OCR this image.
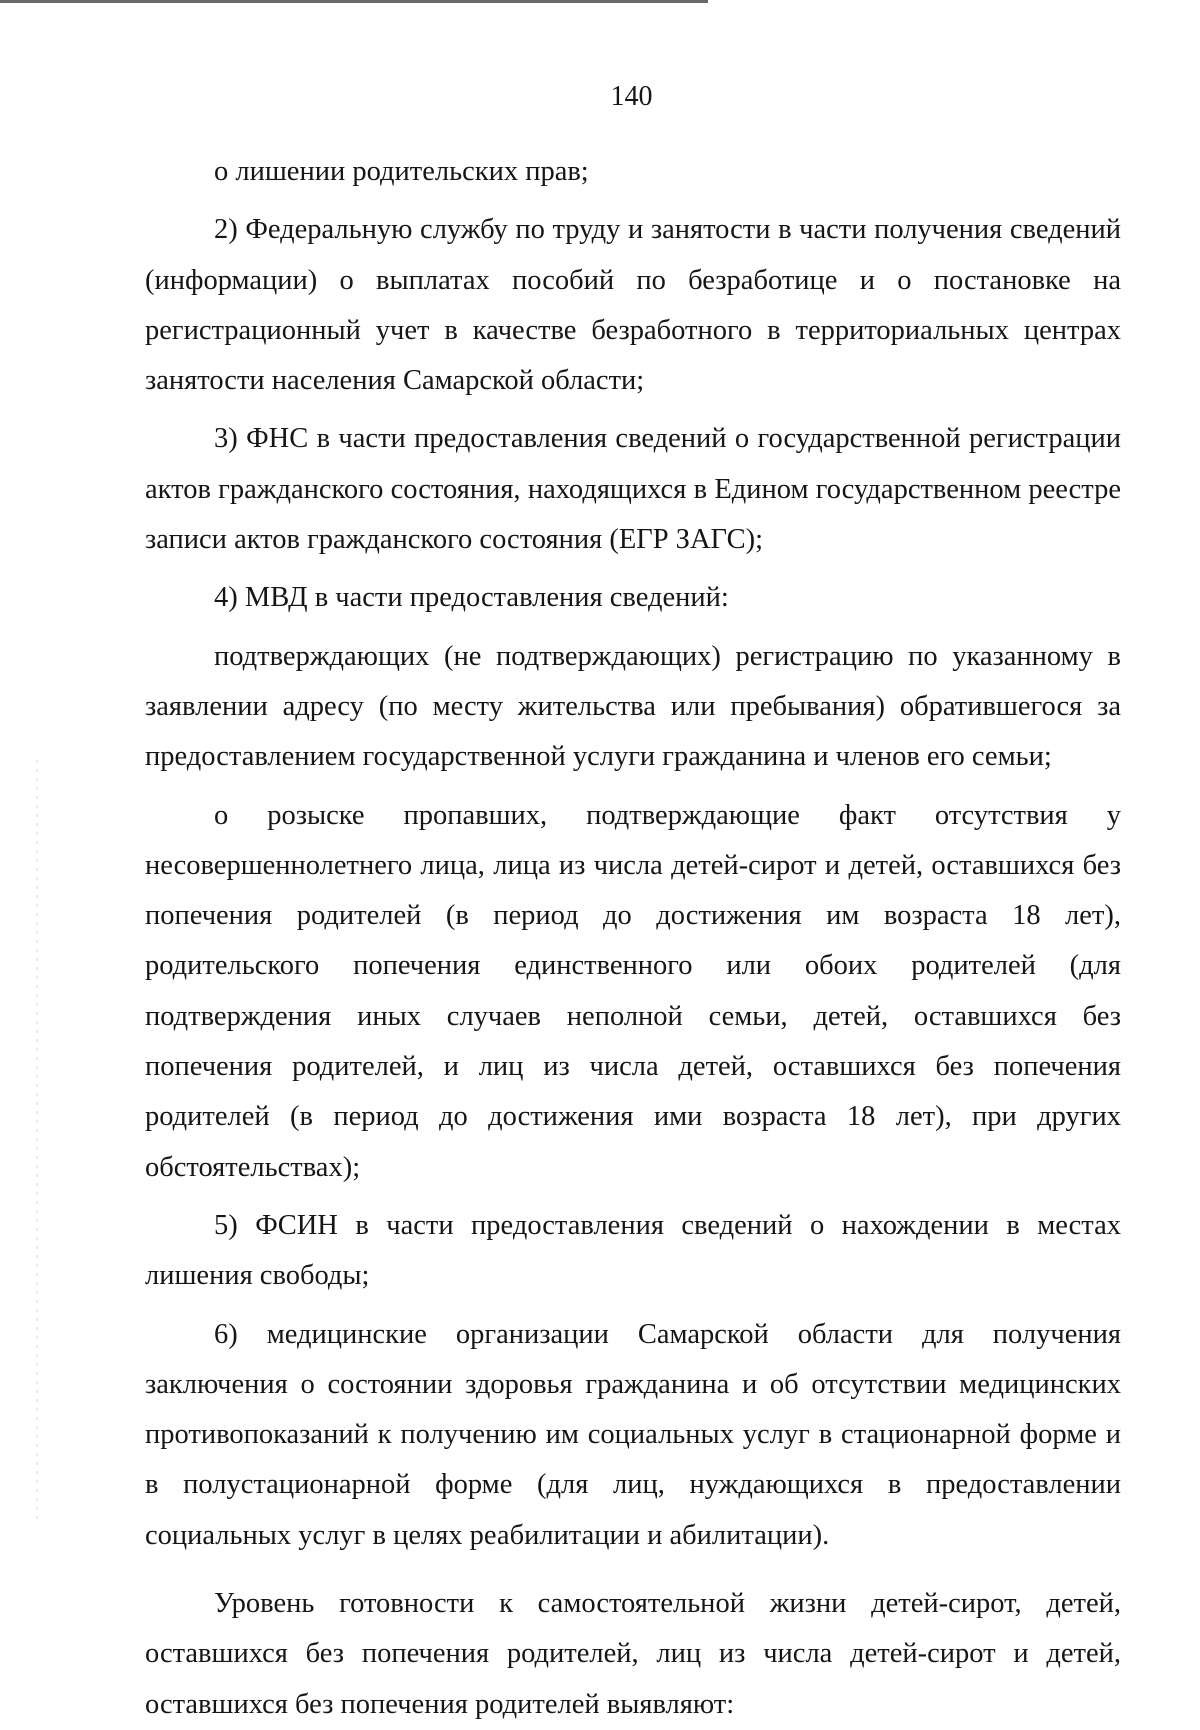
140

о лишении родительских прав;

2) Федеральную службу по труду и занятости в части получения сведений (информации) о выплатах пособий по безработице и о постановке на регистрационный учет в качестве безработного в территориальных центрах занятости населения Самарской области;

3) ФНС в части предоставления сведений о государственной регистрации актов гражданского состояния, находящихся в Едином государственном реестре записи актов гражданского состояния (ЕГР ЗАГС);

4) МВД в части предоставления сведений:

подтверждающих (не подтверждающих) регистрацию по указанному в заявлении адресу (по месту жительства или пребывания) обратившегося за предоставлением государственной услуги гражданина и членов его семьи;

о розыске пропавших, подтверждающие факт отсутствия у несовершеннолетнего лица, лица из числа детей-сирот и детей, оставшихся без попечения родителей (в период до достижения им возраста 18 лет), родительского попечения единственного или обоих родителей (для подтверждения иных случаев неполной семьи, детей, оставшихся без попечения родителей, и лиц из числа детей, оставшихся без попечения родителей (в период до достижения ими возраста 18 лет), при других обстоятельствах);

5) ФСИН в части предоставления сведений о нахождении в местах лишения свободы;

6) медицинские организации Самарской области для получения заключения о состоянии здоровья гражданина и об отсутствии медицинских противопоказаний к получению им социальных услуг в стационарной форме и в полустационарной форме (для лиц, нуждающихся в предоставлении социальных услуг в целях реабилитации и абилитации).

Уровень готовности к самостоятельной жизни детей-сирот, детей, оставшихся без попечения родителей, лиц из числа детей-сирот и детей, оставшихся без попечения родителей выявляют:
